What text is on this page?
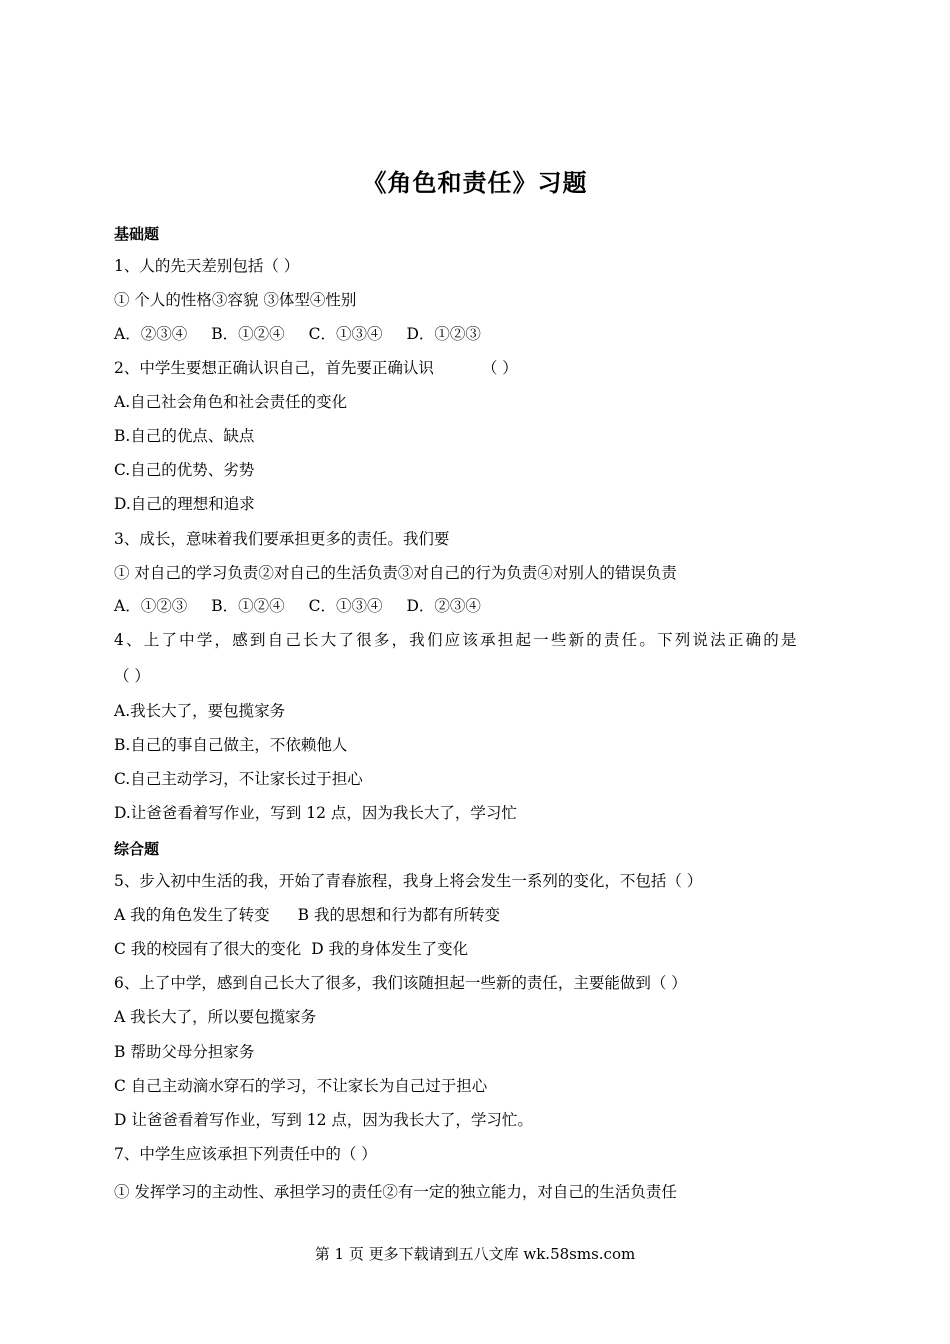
《角色和责任》习题
基础题
1、人的先天差别包括（ ）
① 个人的性格③容貌 ③体型④性别
A．②③④ B．①②④ C．①③④ D．①②③
2、中学生要想正确认识自己，首先要正确认识	（ ）
A.自己社会角色和社会责任的变化
B.自己的优点、缺点
C.自己的优势、劣势
D.自己的理想和追求
3、成长，意味着我们要承担更多的责任。我们要
① 对自己的学习负责②对自己的生活负责③对自己的行为负责④对别人的错误负责
A．①②③ B．①②④ C．①③④ D．②③④
4、上了中学，感到自己长大了很多，我们应该承担起一些新的责任。下列说法正确的是
（ ）
A.我长大了，要包揽家务
B.自己的事自己做主，不依赖他人
C.自己主动学习，不让家长过于担心
D.让爸爸看着写作业，写到 12 点，因为我长大了，学习忙
综合题
5、步入初中生活的我，开始了青春旅程，我身上将会发生一系列的变化，不包括（ ）
A 我的角色发生了转变 B 我的思想和行为都有所转变
C 我的校园有了很大的变化 D 我的身体发生了变化
6、上了中学，感到自己长大了很多，我们该随担起一些新的责任，主要能做到（ ）
A 我长大了，所以要包揽家务
B 帮助父母分担家务
C 自己主动滴水穿石的学习，不让家长为自己过于担心
D 让爸爸看着写作业，写到 12 点，因为我长大了，学习忙。
7、中学生应该承担下列责任中的（ ）
① 发挥学习的主动性、承担学习的责任②有一定的独立能力，对自己的生活负责任
第 1 页 更多下载请到五八文库 wk.58sms.com
